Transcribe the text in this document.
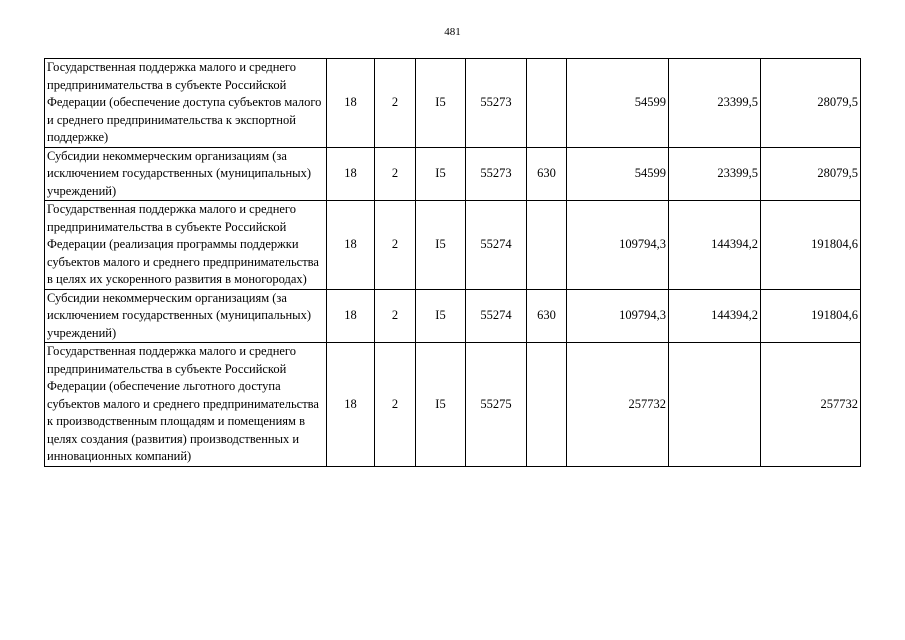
481
Государственная поддержка малого и среднего предпринимательства в субъекте Российской Федерации (обеспечение доступа субъектов малого и среднего предпринимательства к экспортной поддержке)	18	2	I5	55273		54599	23399,5	28079,5
Субсидии некоммерческим организациям (за исключением государственных (муниципальных) учреждений)	18	2	I5	55273	630	54599	23399,5	28079,5
Государственная поддержка малого и среднего предпринимательства в субъекте Российской Федерации (реализация программы поддержки субъектов малого и среднего предпринимательства в целях их ускоренного развития в моногородах)	18	2	I5	55274		109794,3	144394,2	191804,6
Субсидии некоммерческим организациям (за исключением государственных (муниципальных) учреждений)	18	2	I5	55274	630	109794,3	144394,2	191804,6
Государственная поддержка малого и среднего предпринимательства в субъекте Российской Федерации (обеспечение льготного доступа субъектов малого и среднего предпринимательства к производственным площадям и помещениям в целях создания (развития) производственных и инновационных компаний)	18	2	I5	55275		257732		257732
